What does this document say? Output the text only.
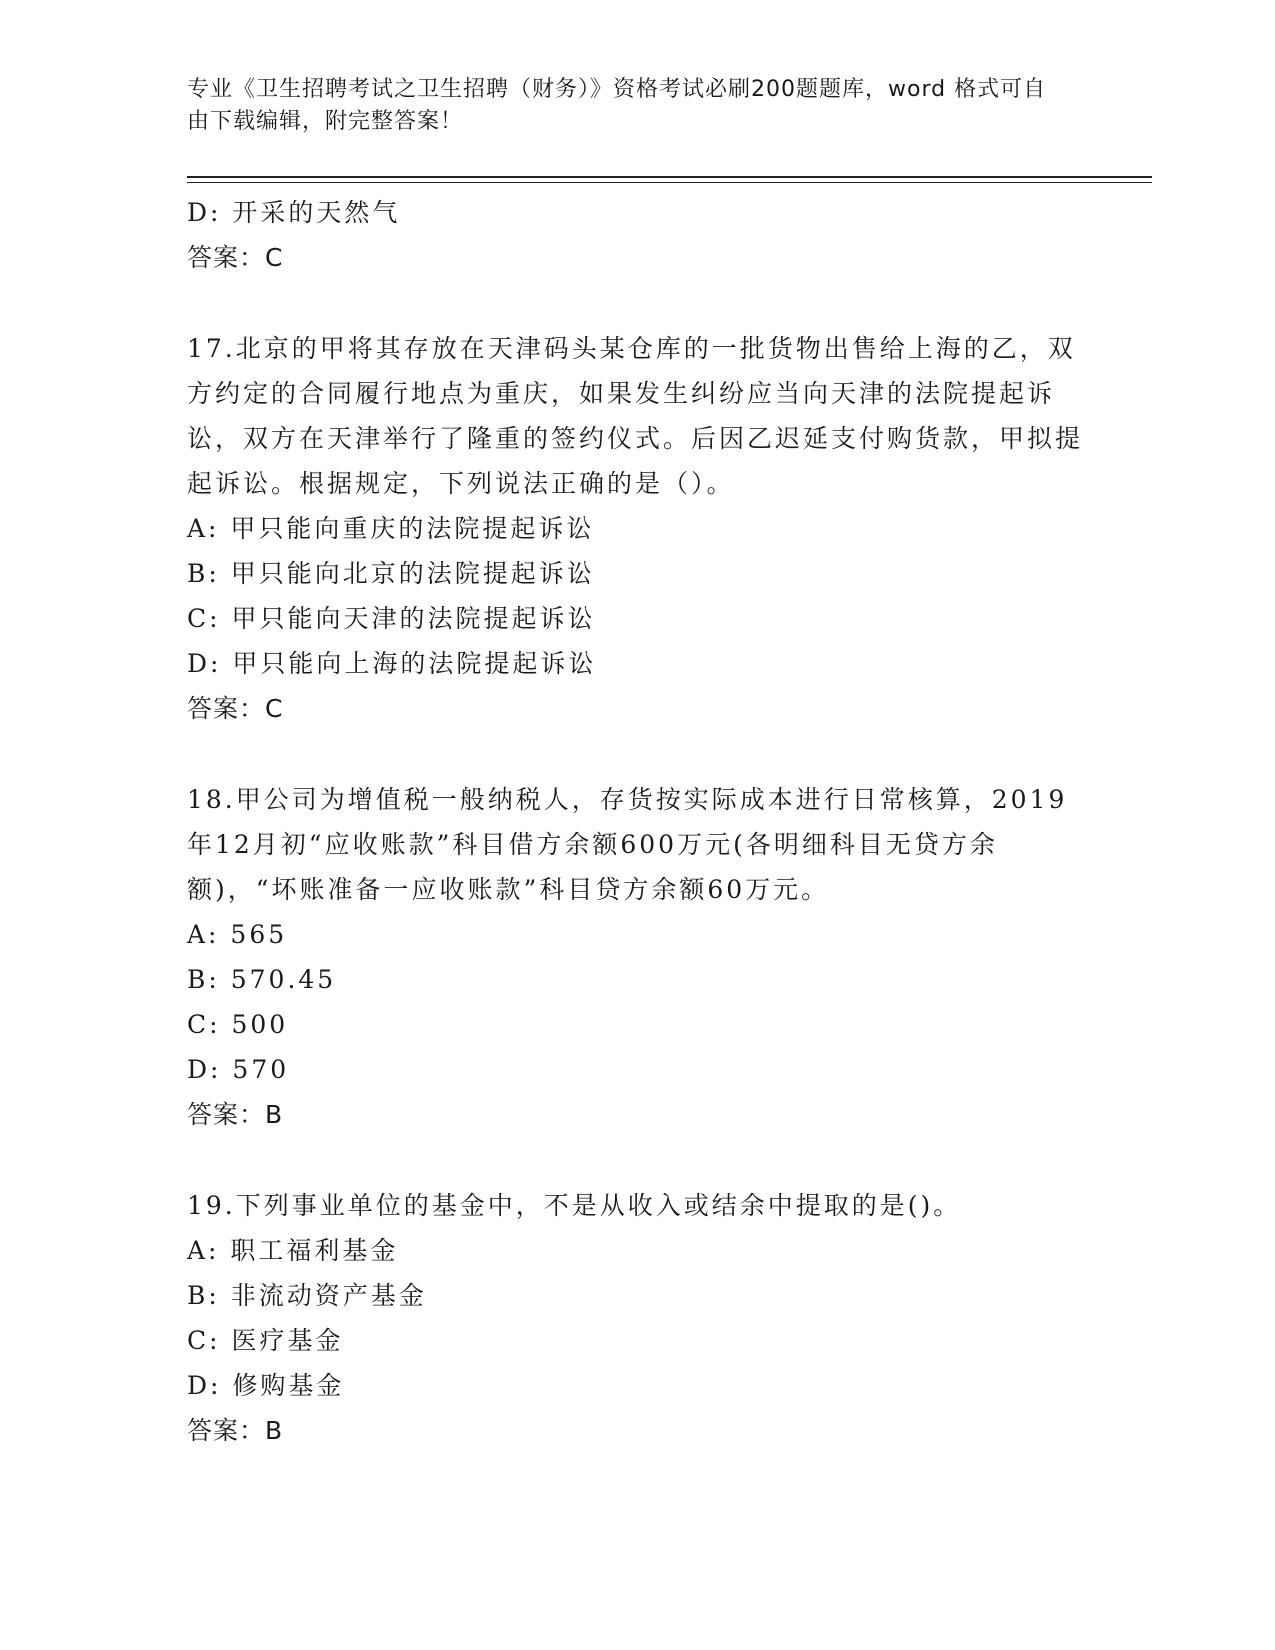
专业《卫生招聘考试之卫生招聘（财务）》资格考试必刷200题题库，word 格式可自由下载编辑，附完整答案！
D: 开采的天然气
答案：C
17.北京的甲将其存放在天津码头某仓库的一批货物出售给上海的乙，双方约定的合同履行地点为重庆，如果发生纠纷应当向天津的法院提起诉讼，双方在天津举行了隆重的签约仪式。后因乙迟延支付购货款，甲拟提起诉讼。根据规定，下列说法正确的是（）。
A: 甲只能向重庆的法院提起诉讼
B: 甲只能向北京的法院提起诉讼
C: 甲只能向天津的法院提起诉讼
D: 甲只能向上海的法院提起诉讼
答案：C
18.甲公司为增值税一般纳税人，存货按实际成本进行日常核算，2019年12月初“应收账款”科目借方余额600万元(各明细科目无贷方余额)，“坏账准备一应收账款”科目贷方余额60万元。
A: 565
B: 570.45
C: 500
D: 570
答案：B
19.下列事业单位的基金中，不是从收入或结余中提取的是()。
A: 职工福利基金
B: 非流动资产基金
C: 医疗基金
D: 修购基金
答案：B
